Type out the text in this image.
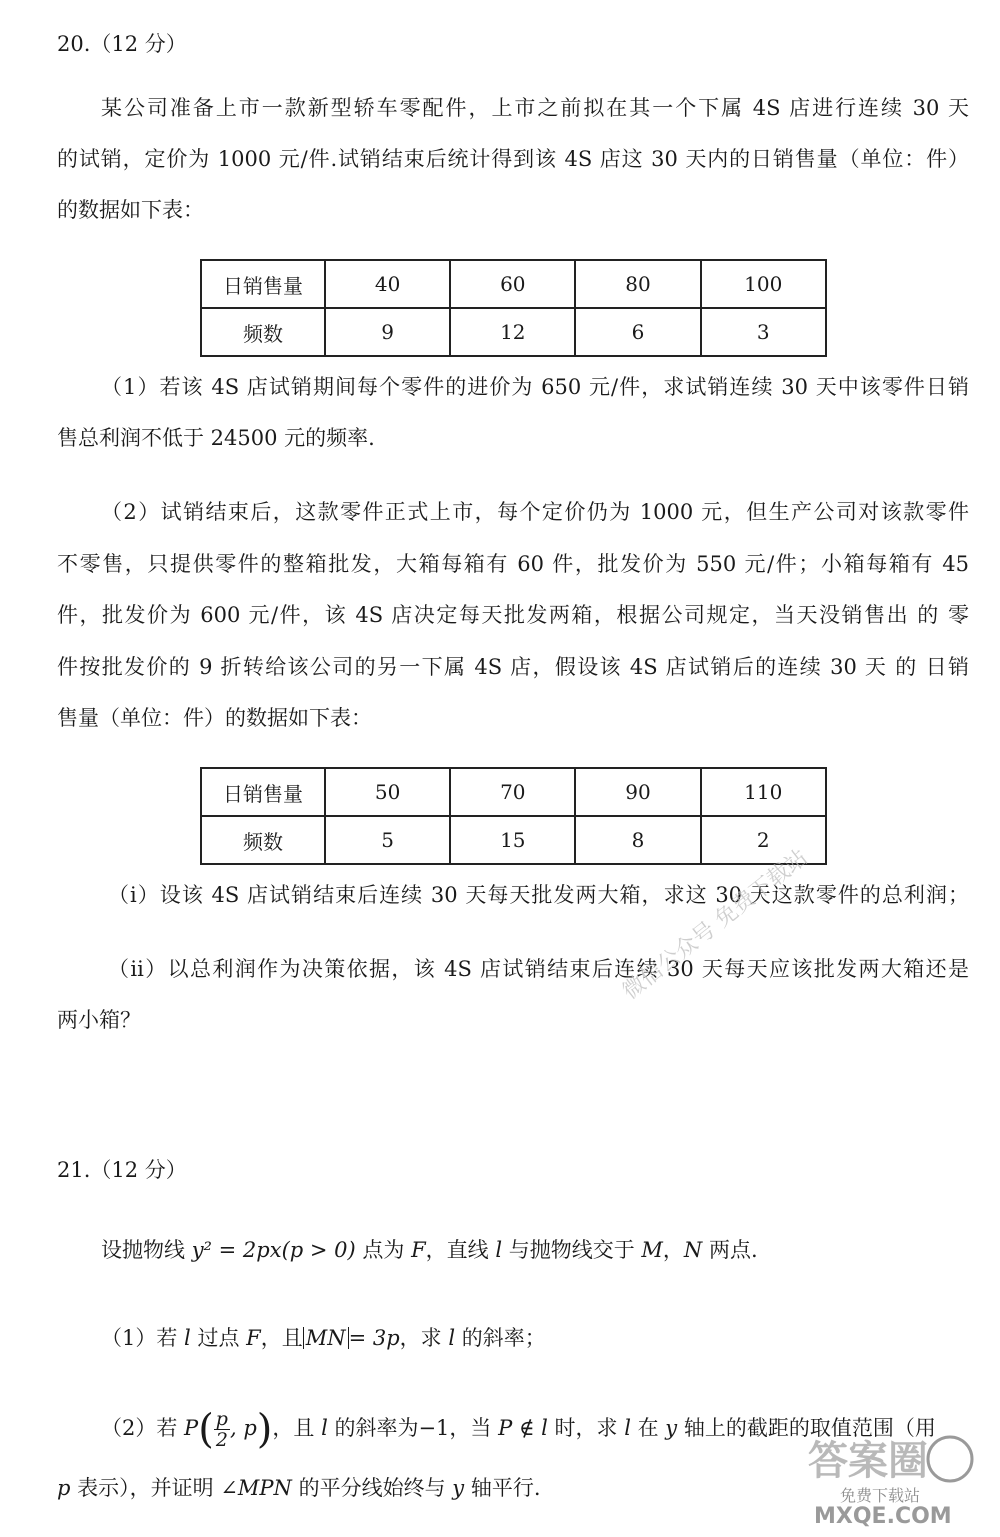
20.（12 分）
某公司准备上市一款新型轿车零配件，上市之前拟在其一个下属 4S 店进行连续 30 天
的试销，定价为 1000 元/件.试销结束后统计得到该 4S 店这 30 天内的日销售量（单位：件）
的数据如下表：
日销售量	40	60	80	100
频数	9	12	6	3
（1）若该 4S 店试销期间每个零件的进价为 650 元/件，求试销连续 30 天中该零件日销
售总利润不低于 24500 元的频率.
（2）试销结束后，这款零件正式上市，每个定价仍为 1000 元，但生产公司对该款零件
不零售，只提供零件的整箱批发，大箱每箱有 60 件，批发价为 550 元/件；小箱每箱有 45
件，批发价为 600 元/件，该 4S 店决定每天批发两箱，根据公司规定，当天没销售出 的 零
件按批发价的 9 折转给该公司的另一下属 4S 店，假设该 4S 店试销后的连续 30 天 的 日销
售量（单位：件）的数据如下表：
日销售量	50	70	90	110
频数	5	15	8	2
（i）设该 4S 店试销结束后连续 30 天每天批发两大箱，求这 30 天这款零件的总利润；
（ii）以总利润作为决策依据，该 4S 店试销结束后连续 30 天每天应该批发两大箱还是
两小箱？
微信公众号 免费下载站
21.（12 分）
设抛物线 y² = 2px(p > 0) 点为 F，直线 l 与抛物线交于 M，N 两点.
（1）若 l 过点 F，且 MN = 3p，求 l 的斜率；
（2）若 $P( \frac{p}{2}$ , p)，且 l 的斜率为−1，当 P ∉ l 时，求 l 在 y 轴上的截距的取值范围（用
p 表示），并证明 ∠MPN 的平分线始终与 y 轴平行.
答案圈
免费下载站
MXQE.COM
